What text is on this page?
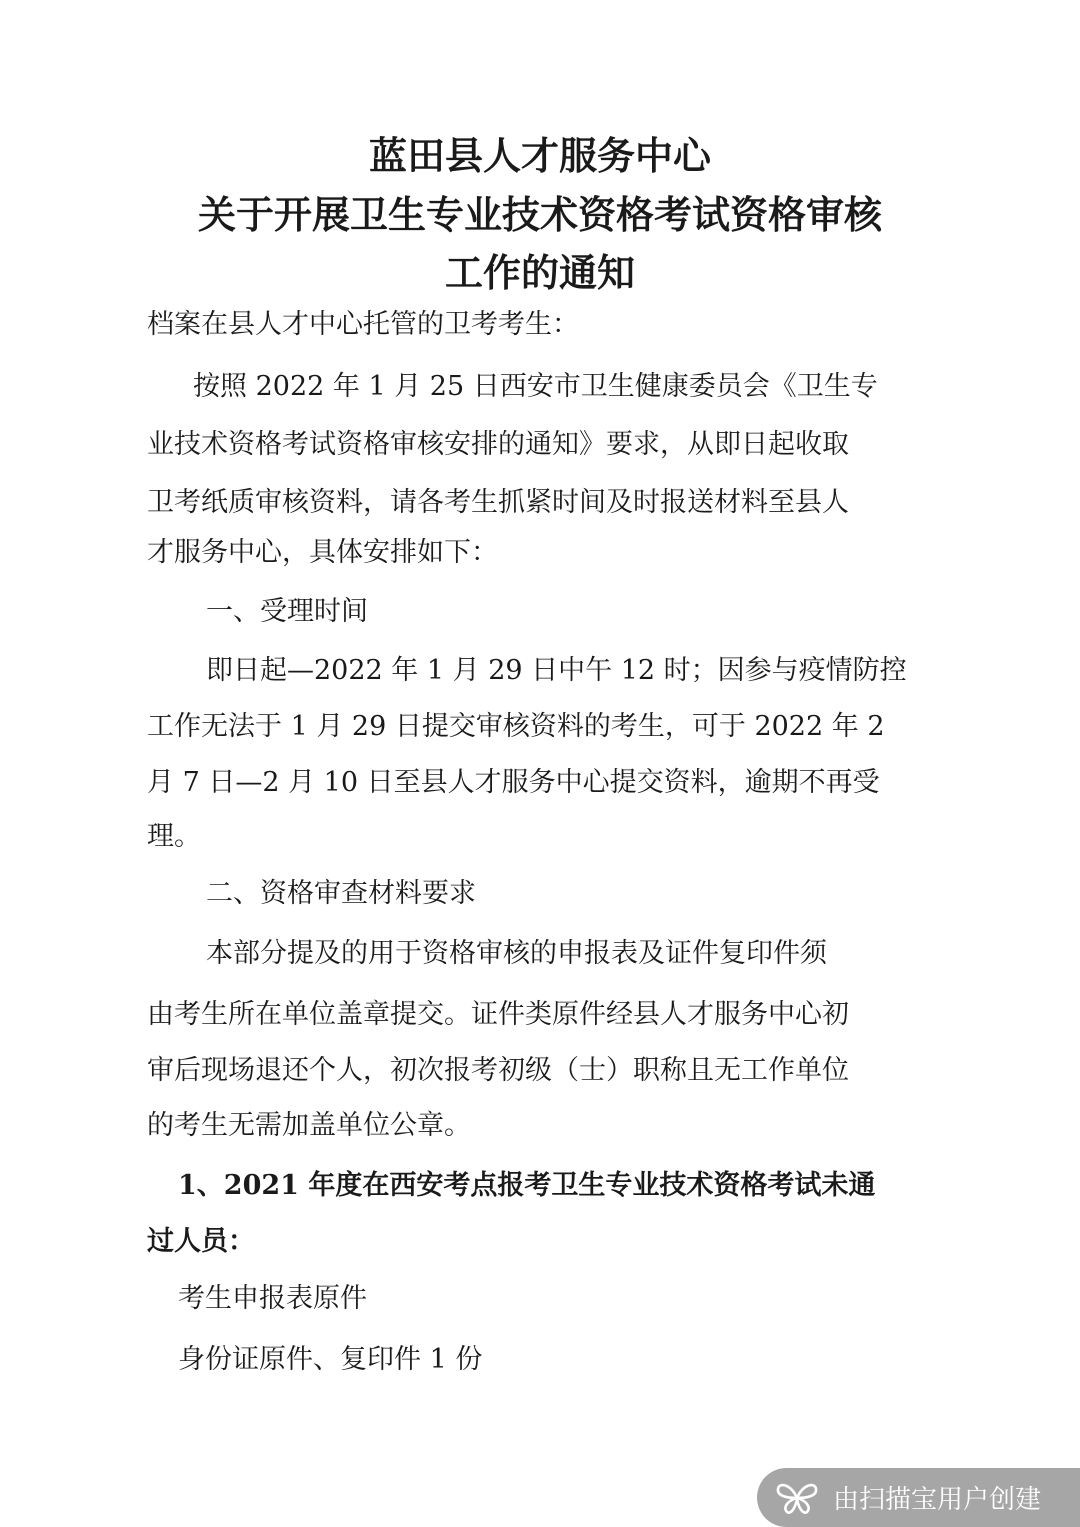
蓝田县人才服务中心
关于开展卫生专业技术资格考试资格审核
工作的通知
档案在县人才中心托管的卫考考生：
按照 2022 年 1 月 25 日西安市卫生健康委员会《卫生专
业技术资格考试资格审核安排的通知》要求，从即日起收取
卫考纸质审核资料，请各考生抓紧时间及时报送材料至县人
才服务中心，具体安排如下：
一、受理时间
即日起—2022 年 1 月 29 日中午 12 时；因参与疫情防控
工作无法于 1 月 29 日提交审核资料的考生，可于 2022 年 2
月 7 日—2 月 10 日至县人才服务中心提交资料，逾期不再受
理。
二、资格审查材料要求
本部分提及的用于资格审核的申报表及证件复印件须
由考生所在单位盖章提交。证件类原件经县人才服务中心初
审后现场退还个人，初次报考初级（士）职称且无工作单位
的考生无需加盖单位公章。
1、2021 年度在西安考点报考卫生专业技术资格考试未通
过人员：
考生申报表原件
身份证原件、复印件 1 份
由扫描宝用户创建
